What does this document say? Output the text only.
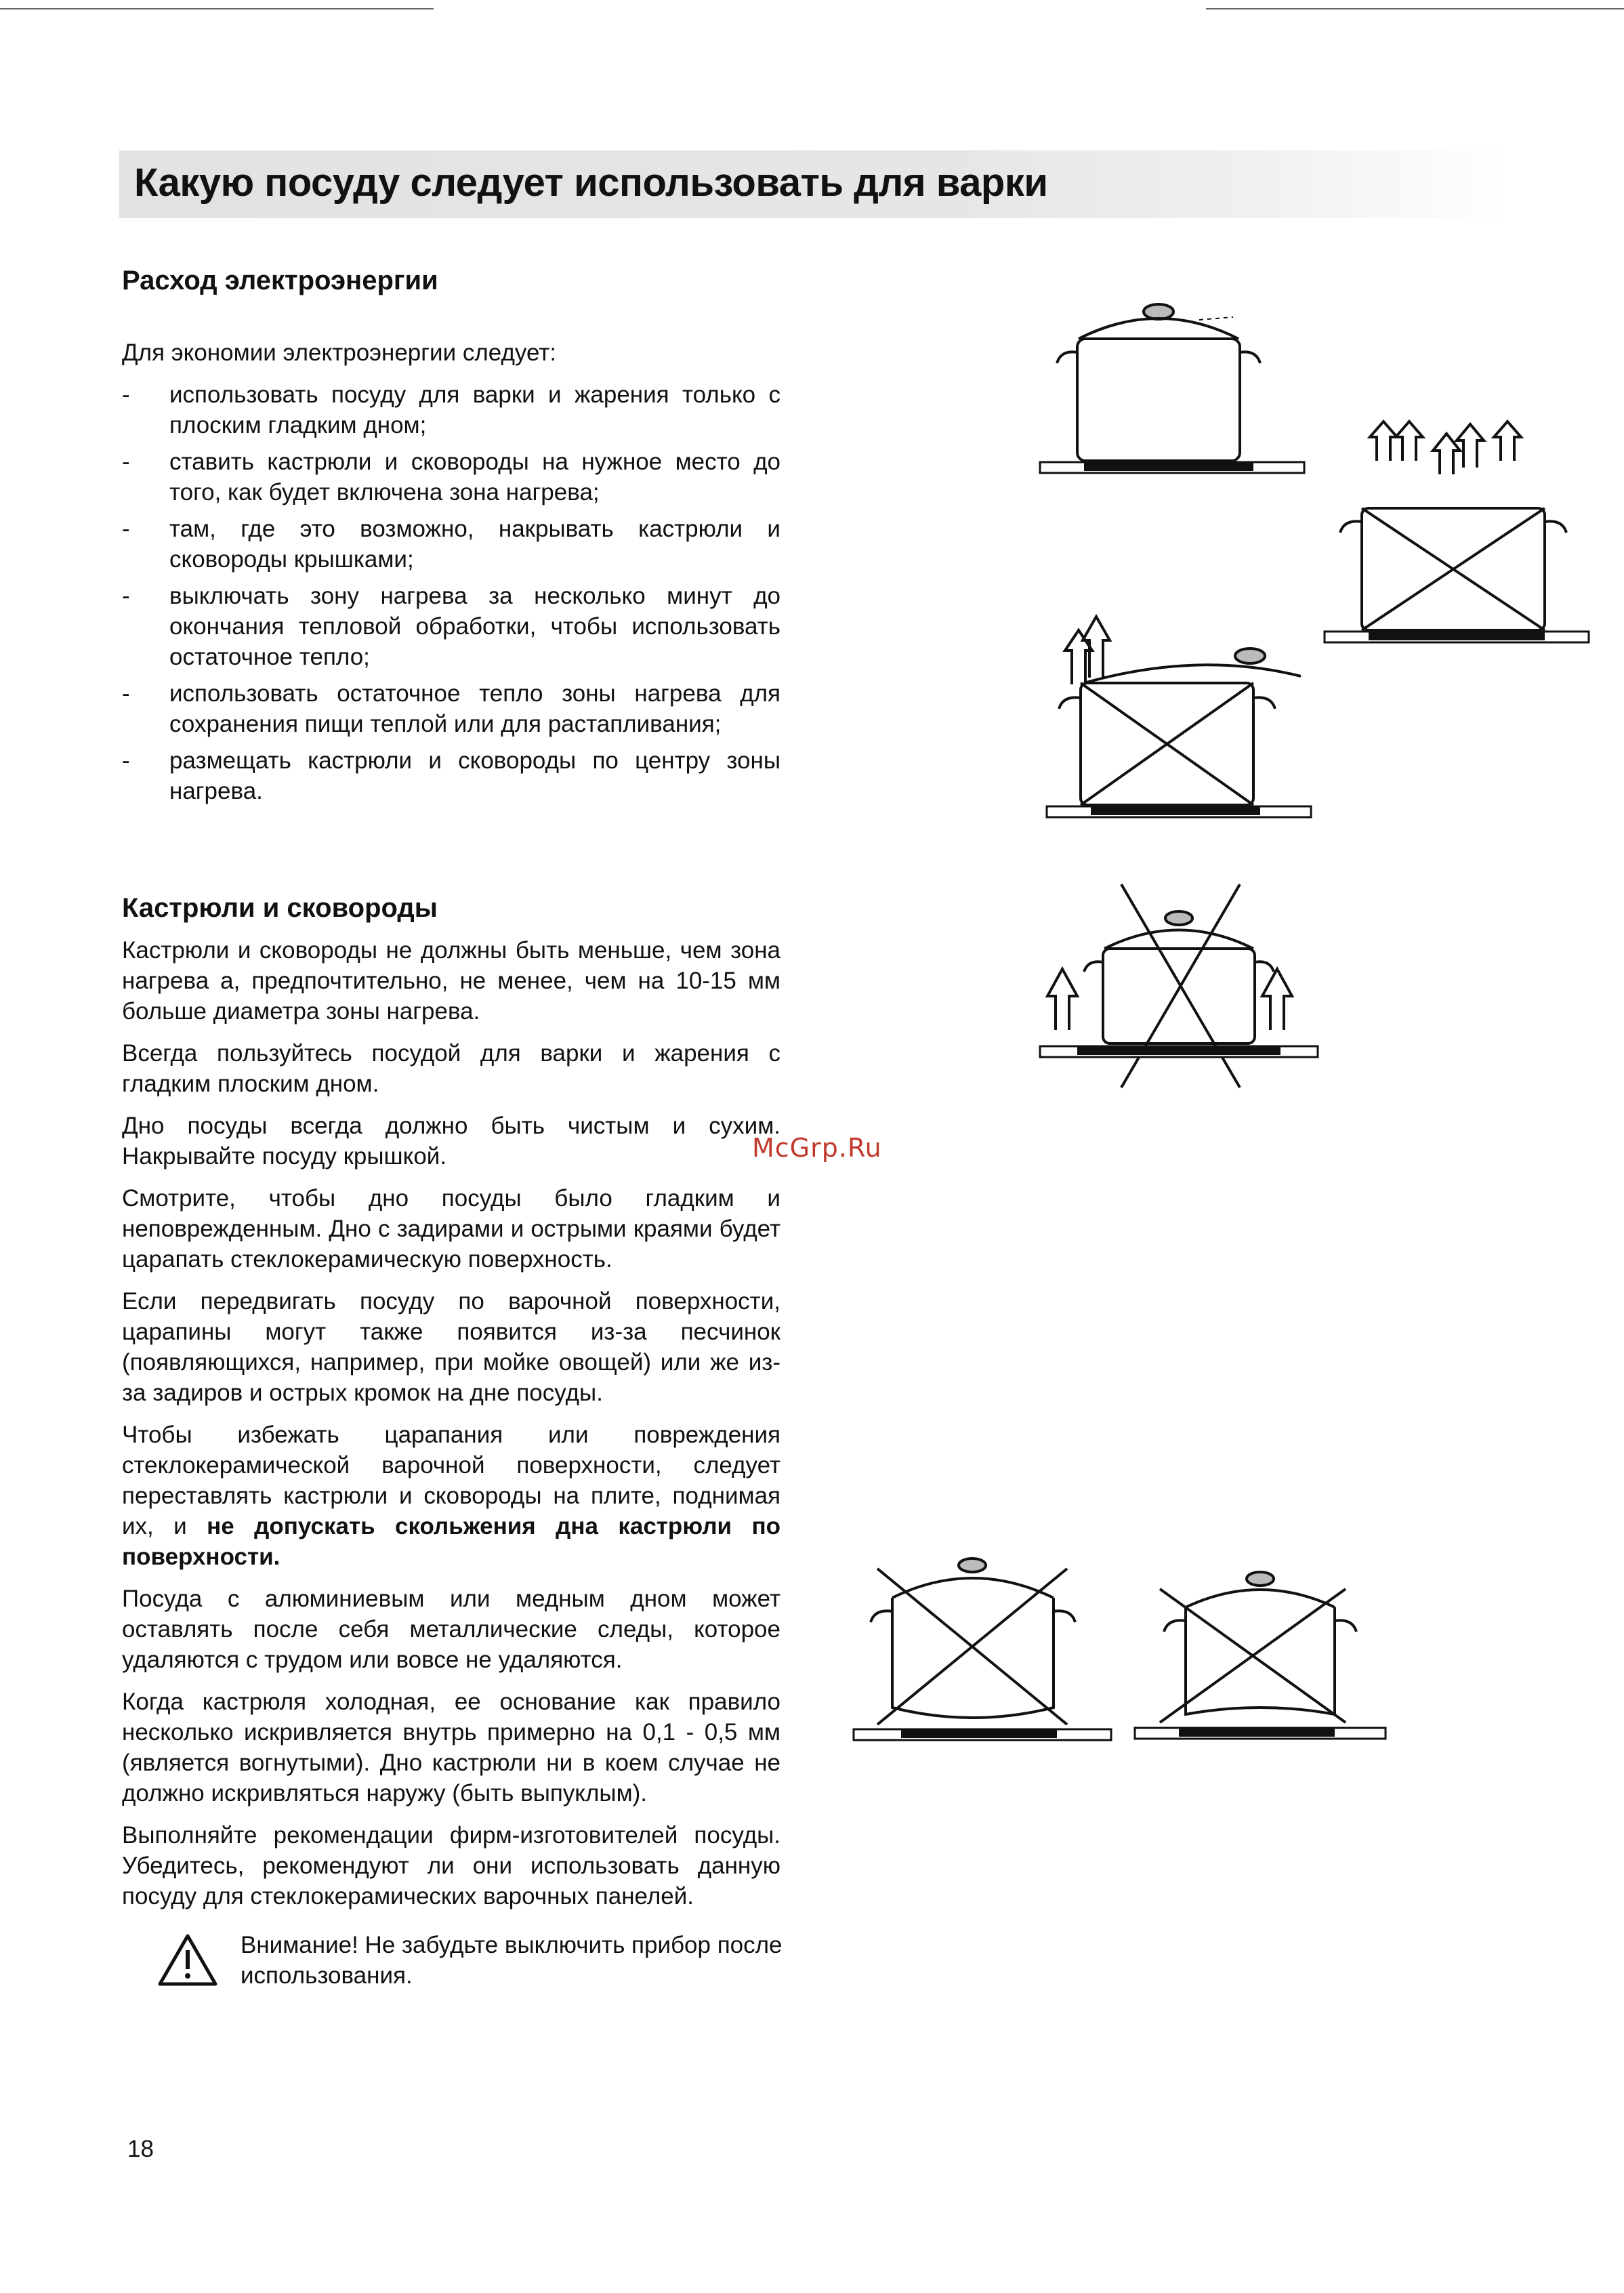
Какую посуду следует использовать для варки
Расход электроэнергии

Для экономии электроэнергии следует:

- использовать посуду для варки и жарения только с плоским гладким дном;
- ставить кастрюли и сковороды на нужное место до того, как будет включена зона нагрева;
- там, где это возможно, накрывать кастрюли и сковороды крышками;
- выключать зону нагрева за несколько минут до окончания тепловой обработки, чтобы использовать остаточное тепло;
- использовать остаточное тепло зоны нагрева для сохранения пищи теплой или для растапливания;
- размещать кастрюли и сковороды по центру зоны нагрева.
Кастрюли и сковороды

Кастрюли и сковороды не должны быть меньше, чем зона нагрева а, предпочтительно, не менее, чем на 10-15 мм больше диаметра зоны нагрева.

Всегда пользуйтесь посудой для варки и жарения с гладким плоским дном.

Дно посуды всегда должно быть чистым и сухим. Накрывайте посуду крышкой.

Смотрите, чтобы дно посуды было гладким и неповрежденным. Дно с задирами и острыми краями будет царапать стеклокерамическую поверхность.

Если передвигать посуду по варочной поверхности, царапины могут также появится из-за песчинок (появляющихся, например, при мойке овощей) или же из-за задиров и острых кромок на дне посуды.

Чтобы избежать царапания или повреждения стеклокерамической варочной поверхности, следует переставлять кастрюли и сковороды на плите, поднимая их, и не допускать скольжения дна кастрюли по поверхности.

Посуда с алюминиевым или медным дном может оставлять после себя металлические следы, которое удаляются с трудом или вовсе не удаляются.

Когда кастрюля холодная, ее основание как правило несколько искривляется внутрь примерно на 0,1 - 0,5 мм (является вогнутыми). Дно кастрюли ни в коем случае не должно искривляться наружу (быть выпуклым).

Выполняйте рекомендации фирм-изготовителей посуды. Убедитесь, рекомендуют ли они использовать данную посуду для стеклокерамических варочных панелей.

Внимание! Не забудьте выключить прибор после использования.

McGrp.Ru

18
